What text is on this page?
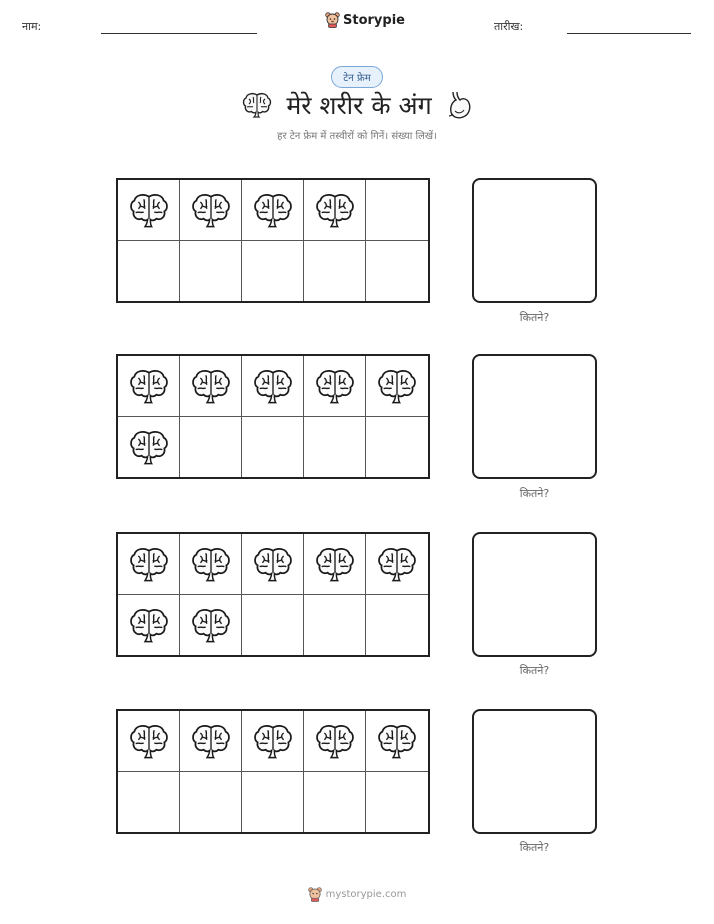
नाम:	Storypie	तारीख:
टेन फ्रेम
मेरे शरीर के अंग
हर टेन फ्रेम में तस्वीरों को गिनें। संख्या लिखें।
कितने?
कितने?
कितने?
कितने?
mystorypie.com
